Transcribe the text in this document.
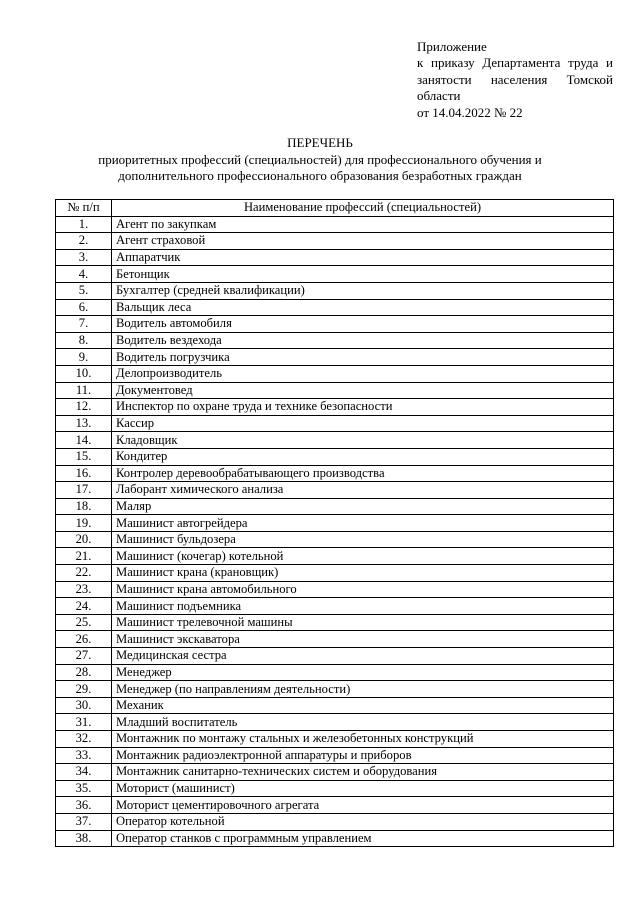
Приложение
к приказу Департамента труда и
занятости населения Томской
области
от 14.04.2022 № 22
ПЕРЕЧЕНЬ
приоритетных профессий (специальностей) для профессионального обучения и
дополнительного профессионального образования безработных граждан
№ п/п	Наименование профессий (специальностей)
1.	Агент по закупкам
2.	Агент страховой
3.	Аппаратчик
4.	Бетонщик
5.	Бухгалтер (средней квалификации)
6.	Вальщик леса
7.	Водитель автомобиля
8.	Водитель вездехода
9.	Водитель погрузчика
10.	Делопроизводитель
11.	Документовед
12.	Инспектор по охране труда и технике безопасности
13.	Кассир
14.	Кладовщик
15.	Кондитер
16.	Контролер деревообрабатывающего производства
17.	Лаборант химического анализа
18.	Маляр
19.	Машинист автогрейдера
20.	Машинист бульдозера
21.	Машинист (кочегар) котельной
22.	Машинист крана (крановщик)
23.	Машинист крана автомобильного
24.	Машинист подъемника
25.	Машинист трелевочной машины
26.	Машинист экскаватора
27.	Медицинская сестра
28.	Менеджер
29.	Менеджер (по направлениям деятельности)
30.	Механик
31.	Младший воспитатель
32.	Монтажник по монтажу стальных и железобетонных конструкций
33.	Монтажник радиоэлектронной аппаратуры и приборов
34.	Монтажник санитарно-технических систем и оборудования
35.	Моторист (машинист)
36.	Моторист цементировочного агрегата
37.	Оператор котельной
38.	Оператор станков с программным управлением
